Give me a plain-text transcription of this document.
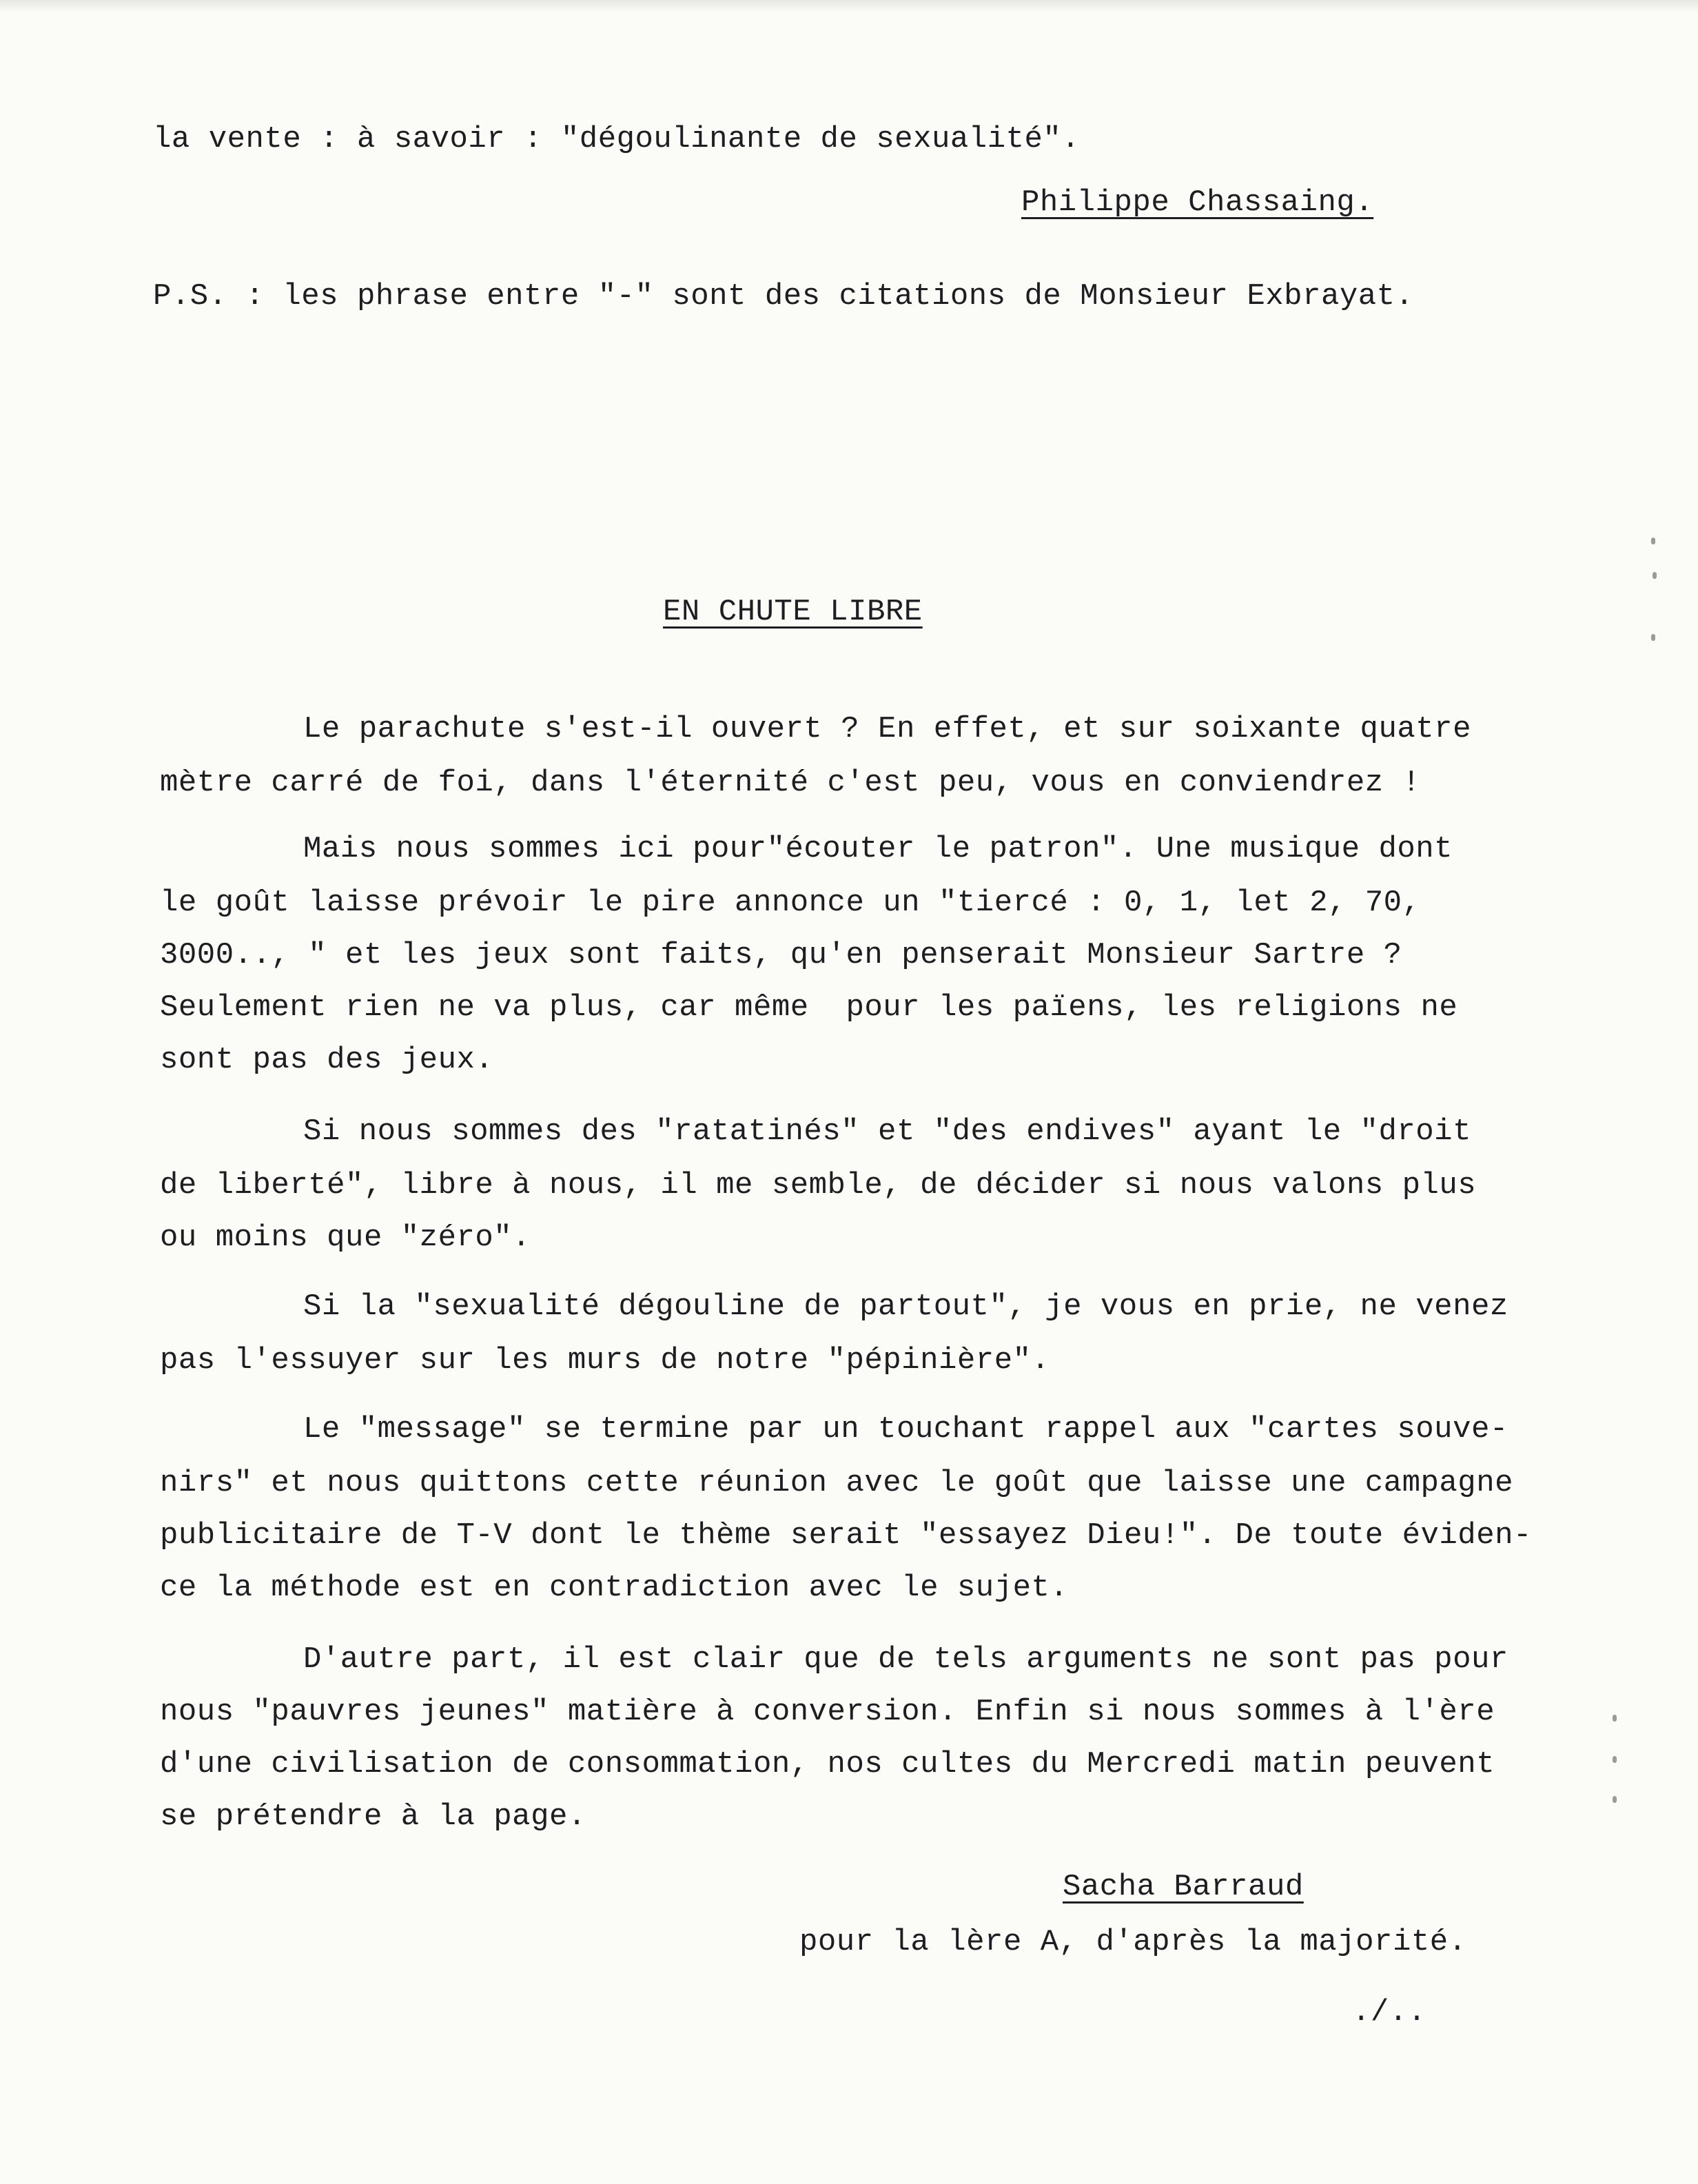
la vente : à savoir : "dégoulinante de sexualité".
Philippe Chassaing.
P.S. : les phrase entre "-" sont des citations de Monsieur Exbrayat.
EN CHUTE LIBRE
Le parachute s'est-il ouvert ? En effet, et sur soixante quatre
mètre carré de foi, dans l'éternité c'est peu, vous en conviendrez !
Mais nous sommes ici pour"écouter le patron". Une musique dont
le goût laisse prévoir le pire annonce un "tiercé : 0, 1, let 2, 70,
3000.., " et les jeux sont faits, qu'en penserait Monsieur Sartre ?
Seulement rien ne va plus, car même  pour les païens, les religions ne
sont pas des jeux.
Si nous sommes des "ratatinés" et "des endives" ayant le "droit
de liberté", libre à nous, il me semble, de décider si nous valons plus
ou moins que "zéro".
Si la "sexualité dégouline de partout", je vous en prie, ne venez
pas l'essuyer sur les murs de notre "pépinière".
Le "message" se termine par un touchant rappel aux "cartes souve-
nirs" et nous quittons cette réunion avec le goût que laisse une campagne
publicitaire de T-V dont le thème serait "essayez Dieu!". De toute éviden-
ce la méthode est en contradiction avec le sujet.
D'autre part, il est clair que de tels arguments ne sont pas pour
nous "pauvres jeunes" matière à conversion. Enfin si nous sommes à l'ère
d'une civilisation de consommation, nos cultes du Mercredi matin peuvent
se prétendre à la page.
Sacha Barraud
pour la lère A, d'après la majorité.
./..
